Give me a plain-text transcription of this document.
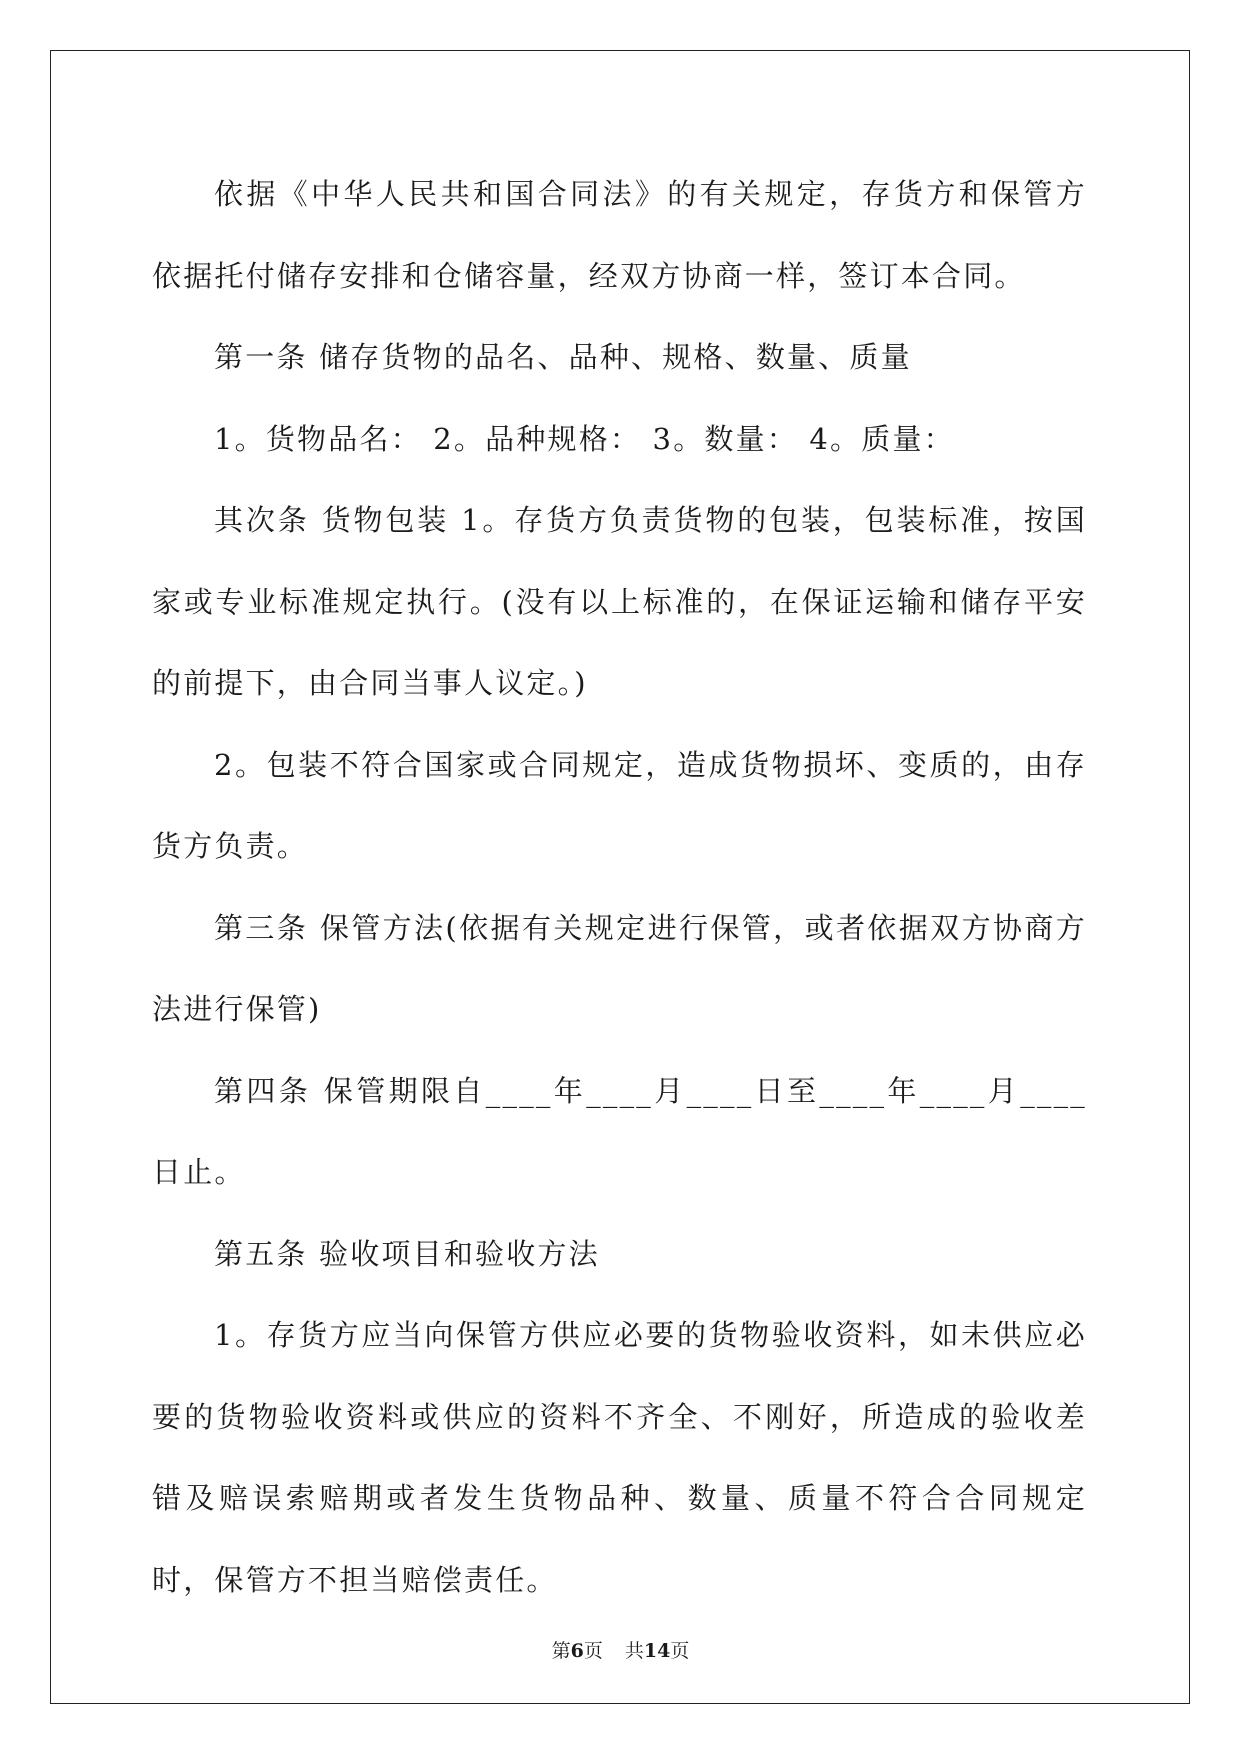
依据《中华人民共和国合同法》的有关规定，存货方和保管方依据托付储存安排和仓储容量，经双方协商一样，签订本合同。

第一条 储存货物的品名、品种、规格、数量、质量

1。货物品名： 2。品种规格： 3。数量： 4。质量：

其次条 货物包装 1。存货方负责货物的包装，包装标准，按国家或专业标准规定执行。(没有以上标准的，在保证运输和储存平安的前提下，由合同当事人议定。)

2。包装不符合国家或合同规定，造成货物损坏、变质的，由存货方负责。

第三条 保管方法(依据有关规定进行保管，或者依据双方协商方法进行保管)

第四条 保管期限自____年____月____日至____年____月____日止。

第五条 验收项目和验收方法

1。存货方应当向保管方供应必要的货物验收资料，如未供应必要的货物验收资料或供应的资料不齐全、不刚好，所造成的验收差错及赔误索赔期或者发生货物品种、数量、质量不符合合同规定时，保管方不担当赔偿责任。

第6页 共14页
